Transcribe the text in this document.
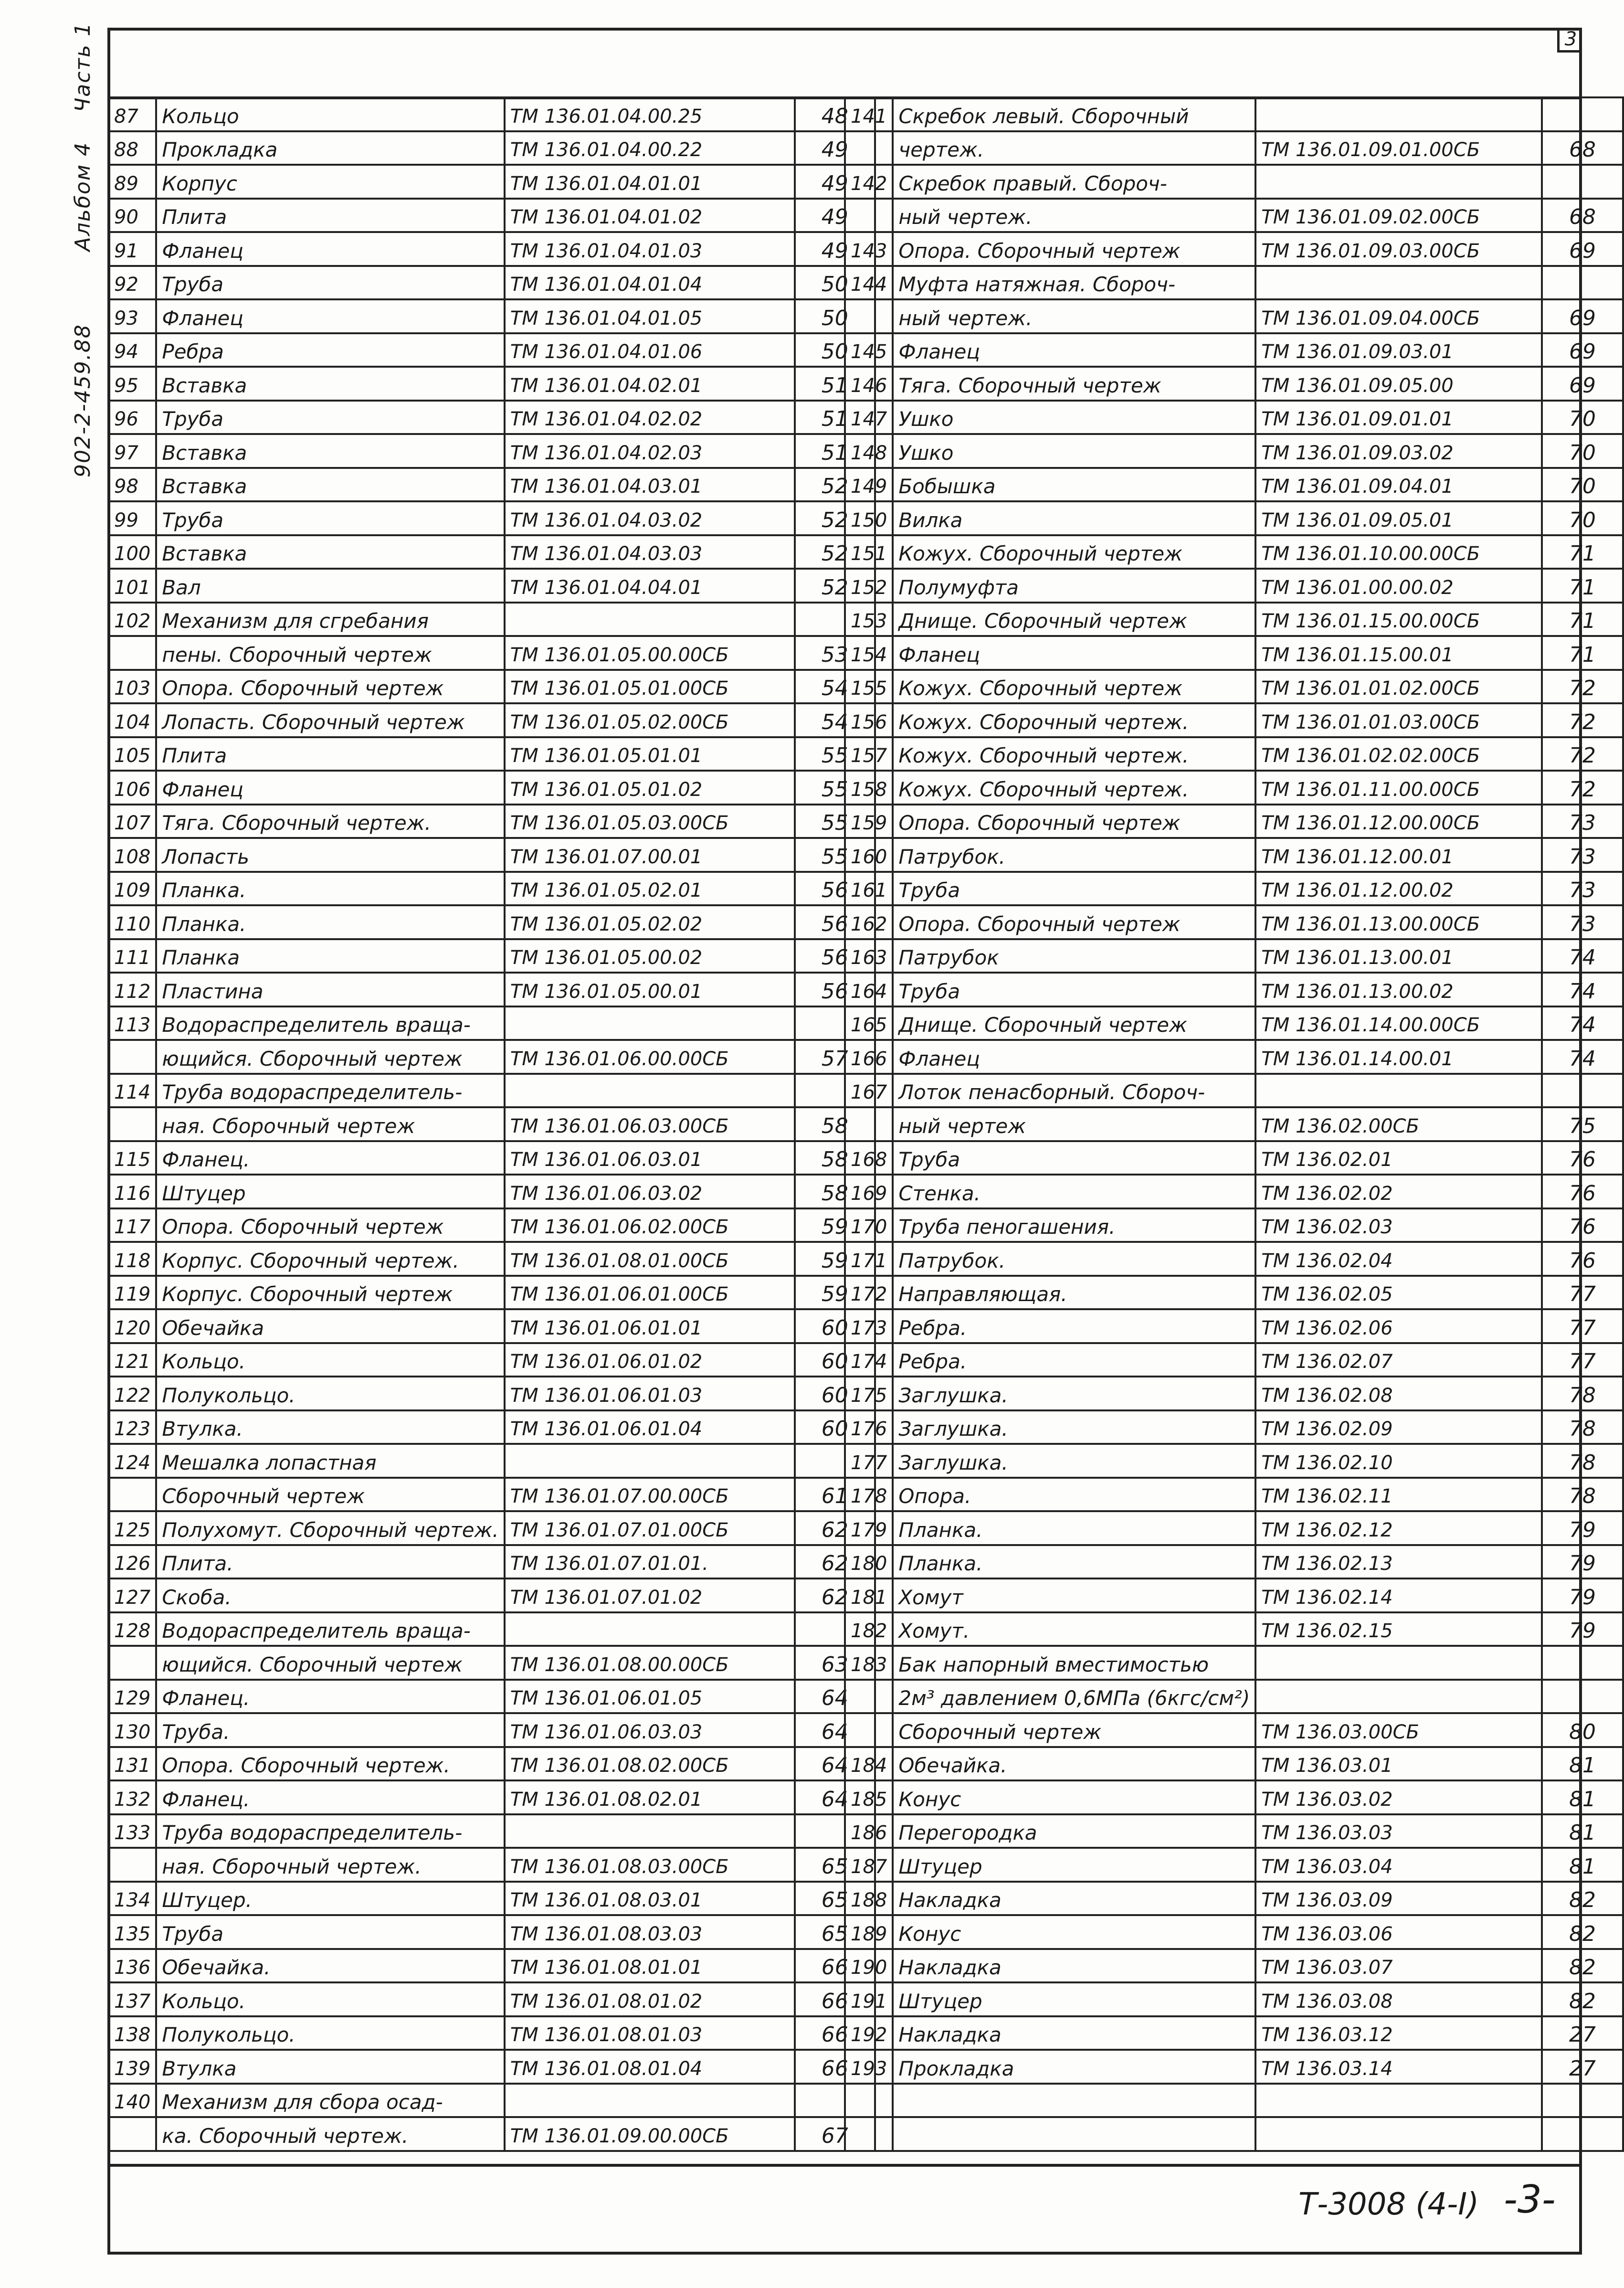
3
902-2-459.88  Альбом 4  Часть 1
87	Кольцо	ТМ 136.01.04.00.25	48
88	Прокладка	ТМ 136.01.04.00.22	49
89	Корпус	ТМ 136.01.04.01.01	49
90	Плита	ТМ 136.01.04.01.02	49
91	Фланец	ТМ 136.01.04.01.03	49
92	Труба	ТМ 136.01.04.01.04	50
93	Фланец	ТМ 136.01.04.01.05	50
94	Ребра	ТМ 136.01.04.01.06	50
95	Вставка	ТМ 136.01.04.02.01	51
96	Труба	ТМ 136.01.04.02.02	51
97	Вставка	ТМ 136.01.04.02.03	51
98	Вставка	ТМ 136.01.04.03.01	52
99	Труба	ТМ 136.01.04.03.02	52
100	Вставка	ТМ 136.01.04.03.03	52
101	Вал	ТМ 136.01.04.04.01	52
102	Механизм для сгребания		
	пены. Сборочный чертеж	ТМ 136.01.05.00.00СБ	53
103	Опора. Сборочный чертеж	ТМ 136.01.05.01.00СБ	54
104	Лопасть. Сборочный чертеж	ТМ 136.01.05.02.00СБ	54
105	Плита	ТМ 136.01.05.01.01	55
106	Фланец	ТМ 136.01.05.01.02	55
107	Тяга. Сборочный чертеж.	ТМ 136.01.05.03.00СБ	55
108	Лопасть	ТМ 136.01.07.00.01	55
109	Планка.	ТМ 136.01.05.02.01	56
110	Планка.	ТМ 136.01.05.02.02	56
111	Планка	ТМ 136.01.05.00.02	56
112	Пластина	ТМ 136.01.05.00.01	56
113	Водораспределитель враща-		
	ющийся. Сборочный чертеж	ТМ 136.01.06.00.00СБ	57
114	Труба водораспределитель-		
	ная. Сборочный чертеж	ТМ 136.01.06.03.00СБ	58
115	Фланец.	ТМ 136.01.06.03.01	58
116	Штуцер	ТМ 136.01.06.03.02	58
117	Опора. Сборочный чертеж	ТМ 136.01.06.02.00СБ	59
118	Корпус. Сборочный чертеж.	ТМ 136.01.08.01.00СБ	59
119	Корпус. Сборочный чертеж	ТМ 136.01.06.01.00СБ	59
120	Обечайка	ТМ 136.01.06.01.01	60
121	Кольцо.	ТМ 136.01.06.01.02	60
122	Полукольцо.	ТМ 136.01.06.01.03	60
123	Втулка.	ТМ 136.01.06.01.04	60
124	Мешалка лопастная		
	Сборочный чертеж	ТМ 136.01.07.00.00СБ	61
125	Полухомут. Сборочный чертеж.	ТМ 136.01.07.01.00СБ	62
126	Плита.	ТМ 136.01.07.01.01.	62
127	Скоба.	ТМ 136.01.07.01.02	62
128	Водораспределитель враща-		
	ющийся. Сборочный чертеж	ТМ 136.01.08.00.00СБ	63
129	Фланец.	ТМ 136.01.06.01.05	64
130	Труба.	ТМ 136.01.06.03.03	64
131	Опора. Сборочный чертеж.	ТМ 136.01.08.02.00СБ	64
132	Фланец.	ТМ 136.01.08.02.01	64
133	Труба водораспределитель-		
	ная. Сборочный чертеж.	ТМ 136.01.08.03.00СБ	65
134	Штуцер.	ТМ 136.01.08.03.01	65
135	Труба	ТМ 136.01.08.03.03	65
136	Обечайка.	ТМ 136.01.08.01.01	66
137	Кольцо.	ТМ 136.01.08.01.02	66
138	Полукольцо.	ТМ 136.01.08.01.03	66
139	Втулка	ТМ 136.01.08.01.04	66
140	Механизм для сбора осад-		
	ка. Сборочный чертеж.	ТМ 136.01.09.00.00СБ	67
141	Скребок левый. Сборочный		
	чертеж.	ТМ 136.01.09.01.00СБ	68
142	Скребок правый. Сбороч-		
	ный чертеж.	ТМ 136.01.09.02.00СБ	68
143	Опора. Сборочный чертеж	ТМ 136.01.09.03.00СБ	69
144	Муфта натяжная. Сбороч-		
	ный чертеж.	ТМ 136.01.09.04.00СБ	69
145	Фланец	ТМ 136.01.09.03.01	69
146	Тяга. Сборочный чертеж	ТМ 136.01.09.05.00	69
147	Ушко	ТМ 136.01.09.01.01	70
148	Ушко	ТМ 136.01.09.03.02	70
149	Бобышка	ТМ 136.01.09.04.01	70
150	Вилка	ТМ 136.01.09.05.01	70
151	Кожух. Сборочный чертеж	ТМ 136.01.10.00.00СБ	71
152	Полумуфта	ТМ 136.01.00.00.02	71
153	Днище. Сборочный чертеж	ТМ 136.01.15.00.00СБ	71
154	Фланец	ТМ 136.01.15.00.01	71
155	Кожух. Сборочный чертеж	ТМ 136.01.01.02.00СБ	72
156	Кожух. Сборочный чертеж.	ТМ 136.01.01.03.00СБ	72
157	Кожух. Сборочный чертеж.	ТМ 136.01.02.02.00СБ	72
158	Кожух. Сборочный чертеж.	ТМ 136.01.11.00.00СБ	72
159	Опора. Сборочный чертеж	ТМ 136.01.12.00.00СБ	73
160	Патрубок.	ТМ 136.01.12.00.01	73
161	Труба	ТМ 136.01.12.00.02	73
162	Опора. Сборочный чертеж	ТМ 136.01.13.00.00СБ	73
163	Патрубок	ТМ 136.01.13.00.01	74
164	Труба	ТМ 136.01.13.00.02	74
165	Днище. Сборочный чертеж	ТМ 136.01.14.00.00СБ	74
166	Фланец	ТМ 136.01.14.00.01	74
167	Лоток пенасборный. Сбороч-		
	ный чертеж	ТМ 136.02.00СБ	75
168	Труба	ТМ 136.02.01	76
169	Стенка.	ТМ 136.02.02	76
170	Труба пеногашения.	ТМ 136.02.03	76
171	Патрубок.	ТМ 136.02.04	76
172	Направляющая.	ТМ 136.02.05	77
173	Ребра.	ТМ 136.02.06	77
174	Ребра.	ТМ 136.02.07	77
175	Заглушка.	ТМ 136.02.08	78
176	Заглушка.	ТМ 136.02.09	78
177	Заглушка.	ТМ 136.02.10	78
178	Опора.	ТМ 136.02.11	78
179	Планка.	ТМ 136.02.12	79
180	Планка.	ТМ 136.02.13	79
181	Хомут	ТМ 136.02.14	79
182	Хомут.	ТМ 136.02.15	79
183	Бак напорный вместимостью		
	2м³ давлением 0,6МПа (6кгс/см²)		
	Сборочный чертеж	ТМ 136.03.00СБ	80
184	Обечайка.	ТМ 136.03.01	81
185	Конус	ТМ 136.03.02	81
186	Перегородка	ТМ 136.03.03	81
187	Штуцер	ТМ 136.03.04	81
188	Накладка	ТМ 136.03.09	82
189	Конус	ТМ 136.03.06	82
190	Накладка	ТМ 136.03.07	82
191	Штуцер	ТМ 136.03.08	82
192	Накладка	ТМ 136.03.12	27
193	Прокладка	ТМ 136.03.14	27

Т-3008 (4-I) -3-
